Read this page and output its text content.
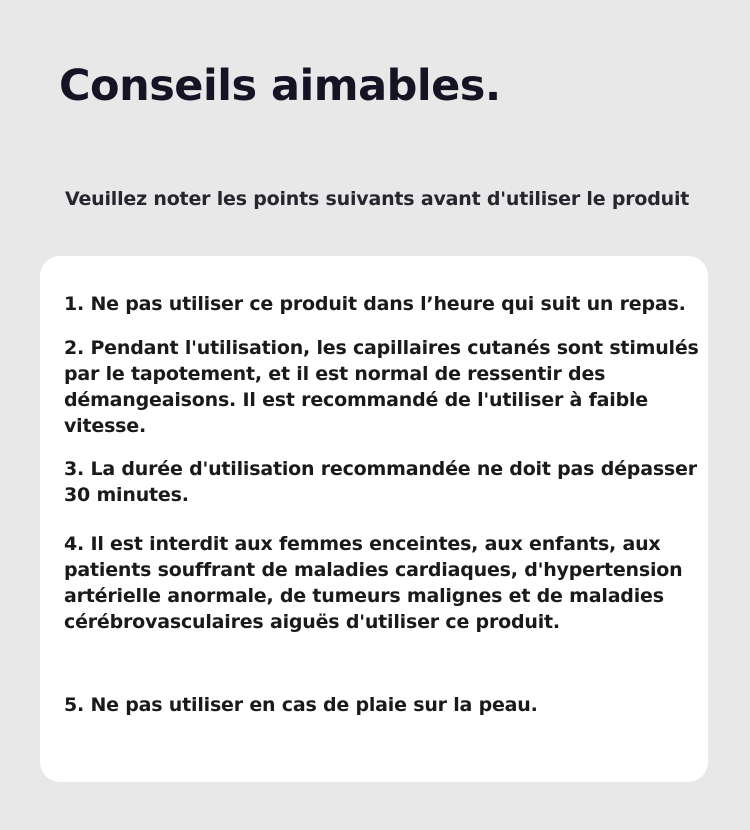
Conseils aimables.

Veuillez noter les points suivants avant d'utiliser le produit

1. Ne pas utiliser ce produit dans l’heure qui suit un repas.

2. Pendant l'utilisation, les capillaires cutanés sont stimulés par le tapotement, et il est normal de ressentir des démangeaisons. Il est recommandé de l'utiliser à faible vitesse.

3. La durée d'utilisation recommandée ne doit pas dépasser 30 minutes.

4. Il est interdit aux femmes enceintes, aux enfants, aux patients souffrant de maladies cardiaques, d'hypertension artérielle anormale, de tumeurs malignes et de maladies cérébrovasculaires aiguës d'utiliser ce produit.

5. Ne pas utiliser en cas de plaie sur la peau.
